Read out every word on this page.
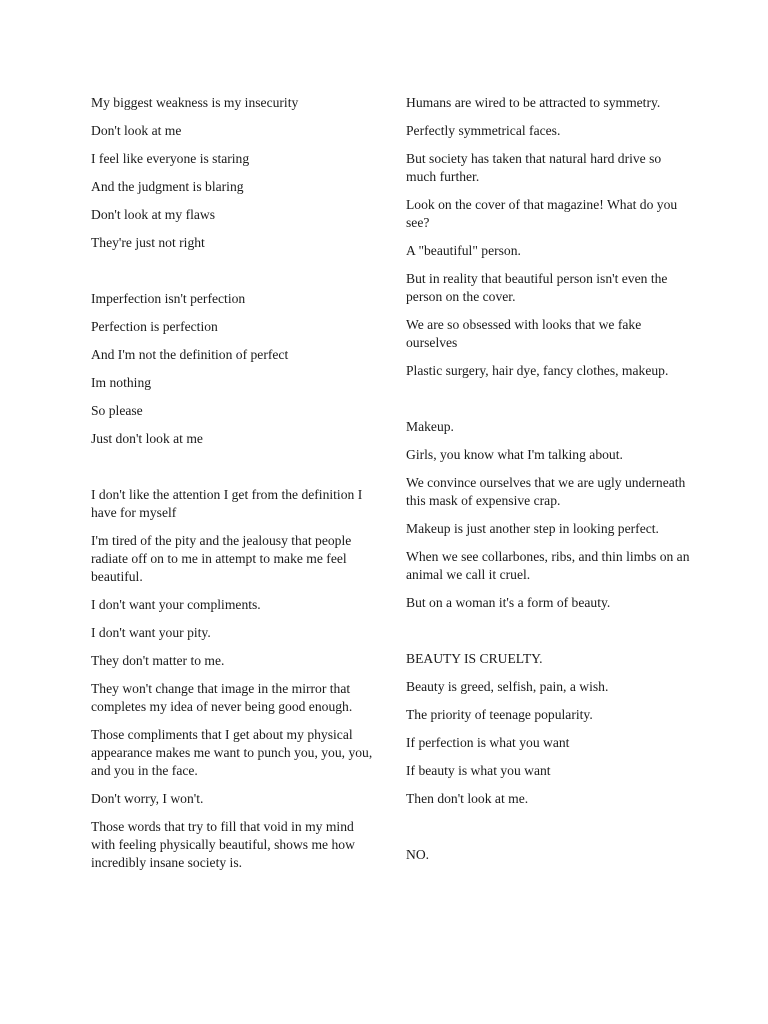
My biggest weakness is my insecurity

Don't look at me

I feel like everyone is staring

And the judgment is blaring

Don't look at my flaws

They're just not right

Imperfection isn't perfection

Perfection is perfection

And I'm not the definition of perfect

Im nothing

So please

Just don't look at me

I don't like the attention I get from the definition I have for myself

I'm tired of the pity and the jealousy that people radiate off on to me in attempt to make me feel beautiful.

I don't want your compliments.

I don't want your pity.

They don't matter to me.

They won't change that image in the mirror that completes my idea of never being good enough.

Those compliments that I get about my physical appearance makes me want to punch you, you, you, and you in the face.

Don't worry, I won't.

Those words that try to fill that void in my mind with feeling physically beautiful, shows me how incredibly insane society is.

Humans are wired to be attracted to symmetry.

Perfectly symmetrical faces.

But society has taken that natural hard drive so much further.

Look on the cover of that magazine! What do you see?

A "beautiful" person.

But in reality that beautiful person isn't even the person on the cover.

We are so obsessed with looks that we fake ourselves

Plastic surgery, hair dye, fancy clothes, makeup.

Makeup.

Girls, you know what I'm talking about.

We convince ourselves that we are ugly underneath this mask of expensive crap.

Makeup is just another step in looking perfect.

When we see collarbones, ribs, and thin limbs on an animal we call it cruel.

But on a woman it's a form of beauty.

BEAUTY IS CRUELTY.

Beauty is greed, selfish, pain, a wish.

The priority of teenage popularity.

If perfection is what you want

If beauty is what you want

Then don't look at me.

NO.
